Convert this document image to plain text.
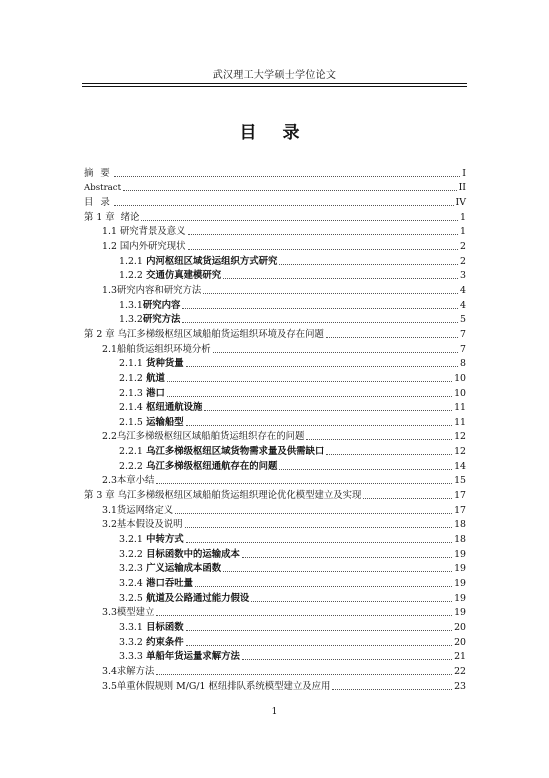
武汉理工大学硕士学位论文
目 录
摘 要	I
Abstract	II
目 录	IV
第 1 章  绪论	1
1.1 研究背景及意义	1
1.2 国内外研究现状	2
1.2.1 内河枢纽区域货运组织方式研究	2
1.2.2 交通仿真建模研究	3
1.3研究内容和研究方法	4
1.3.1研究内容	4
1.3.2研究方法	5
第 2 章 乌江多梯级枢纽区域船舶货运组织环境及存在问题	7
2.1船舶货运组织环境分析	7
2.1.1 货种货量	8
2.1.2 航道	10
2.1.3 港口	10
2.1.4 枢纽通航设施	11
2.1.5 运输船型	11
2.2乌江多梯级枢纽区域船舶货运组织存在的问题	12
2.2.1 乌江多梯级枢纽区域货物需求量及供需缺口	12
2.2.2 乌江多梯级枢纽通航存在的问题	14
2.3本章小结	15
第 3 章 乌江多梯级枢纽区域船舶货运组织理论优化模型建立及实现	17
3.1货运网络定义	17
3.2基本假设及说明	18
3.2.1 中转方式	18
3.2.2 目标函数中的运输成本	19
3.2.3 广义运输成本函数	19
3.2.4 港口吞吐量	19
3.2.5 航道及公路通过能力假设	19
3.3模型建立	19
3.3.1 目标函数	20
3.3.2 约束条件	20
3.3.3 单船年货运量求解方法	21
3.4求解方法	22
3.5单重休假规则 M/G/1 枢纽排队系统模型建立及应用	23
1
